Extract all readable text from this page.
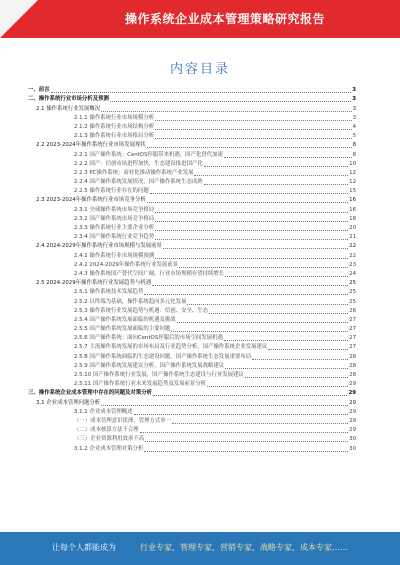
操作系统企业成本管理策略研究报告
内容目录
一、前言	3
二、操作系统行业市场分析及预测	3
2.1 操作系统行业发展概况	3
2.1.1 操作系统行业市场规模分析	3
2.1.2 操作系统行业市场结构分析	4
2.1.3 操作系统行业市场格局分析	5
2.2 2023-2024年操作系统行业市场发展现状	8
2.2.1 国产操作系统：CentOS停服带来机遇，国产化替代加速	8
2.2.2 国产：信创市场进程加快，生态建设推进国产化	10
2.2.3 PC操作系统：商业化推动操作系统产业发展	12
2.2.4 国产操作系统发展情况，国产操作系统生态成熟	12
2.2.5 操作系统行业存在的问题	15
2.3 2023-2024年操作系统行业市场竞争分析	16
2.3.1 全球操作系统市场竞争格局	16
2.3.2 国产操作系统市场竞争格局	18
2.3.3 操作系统行业主要企业分析	20
2.3.4 国产操作系统行业竞争趋势	21
2.4 2024-2029年操作系统行业市场规模与发展前景	22
2.4.1 操作系统行业市场规模预测	22
2.4.2 2024-2029年操作系统行业发展前景	23
2.4.3 操作系统国产替代空间广阔，行业市场规模有望持续增长	24
2.5 2024-2029年操作系统行业发展趋势与机遇	25
2.5.1 操作系统技术发展趋势	25
2.5.2 以终端为基础，操作系统趋向多元化发展	25
2.5.3 操作系统行业发展趋势与机遇：信创、安全、生态	26
2.5.4 国产操作系统发展面临的机遇及挑战	27
2.5.5 国产操作系统发展面临的主要问题	27
2.5.6 国产操作系统：面向CentOS停服后的市场空间发展机遇	27
2.5.7 主流操作系统发展的市场布局及行业趋势分析，国产操作系统企业发展建议	27
2.5.8 国产操作系统面临的生态建设问题，国产操作系统生态发展重要布局	28
2.5.9 国产操作系统发展建议分析，国产操作系统发展战略建议	28
2.5.10 国产操作系统行业发展，国产操作系统生态建设与行业发展建议	28
2.5.11 国产操作系统行业未来发展趋势及发展前景分析	29
三、操作系统企业成本管理中存在的问题及对策分析	29
3.1 企业成本管理问题分析	29
3.1.1 企业成本管理概述	29
（一）成本管理意识淡薄，管理方式单一	29
（二）成本核算方法不合理	29
（三）企业资源利用效率不高	30
3.1.2 企业成本管理对策分析	30
让每个人都能成为	行业专家、管理专家、营销专家、战略专家、成本专家……
